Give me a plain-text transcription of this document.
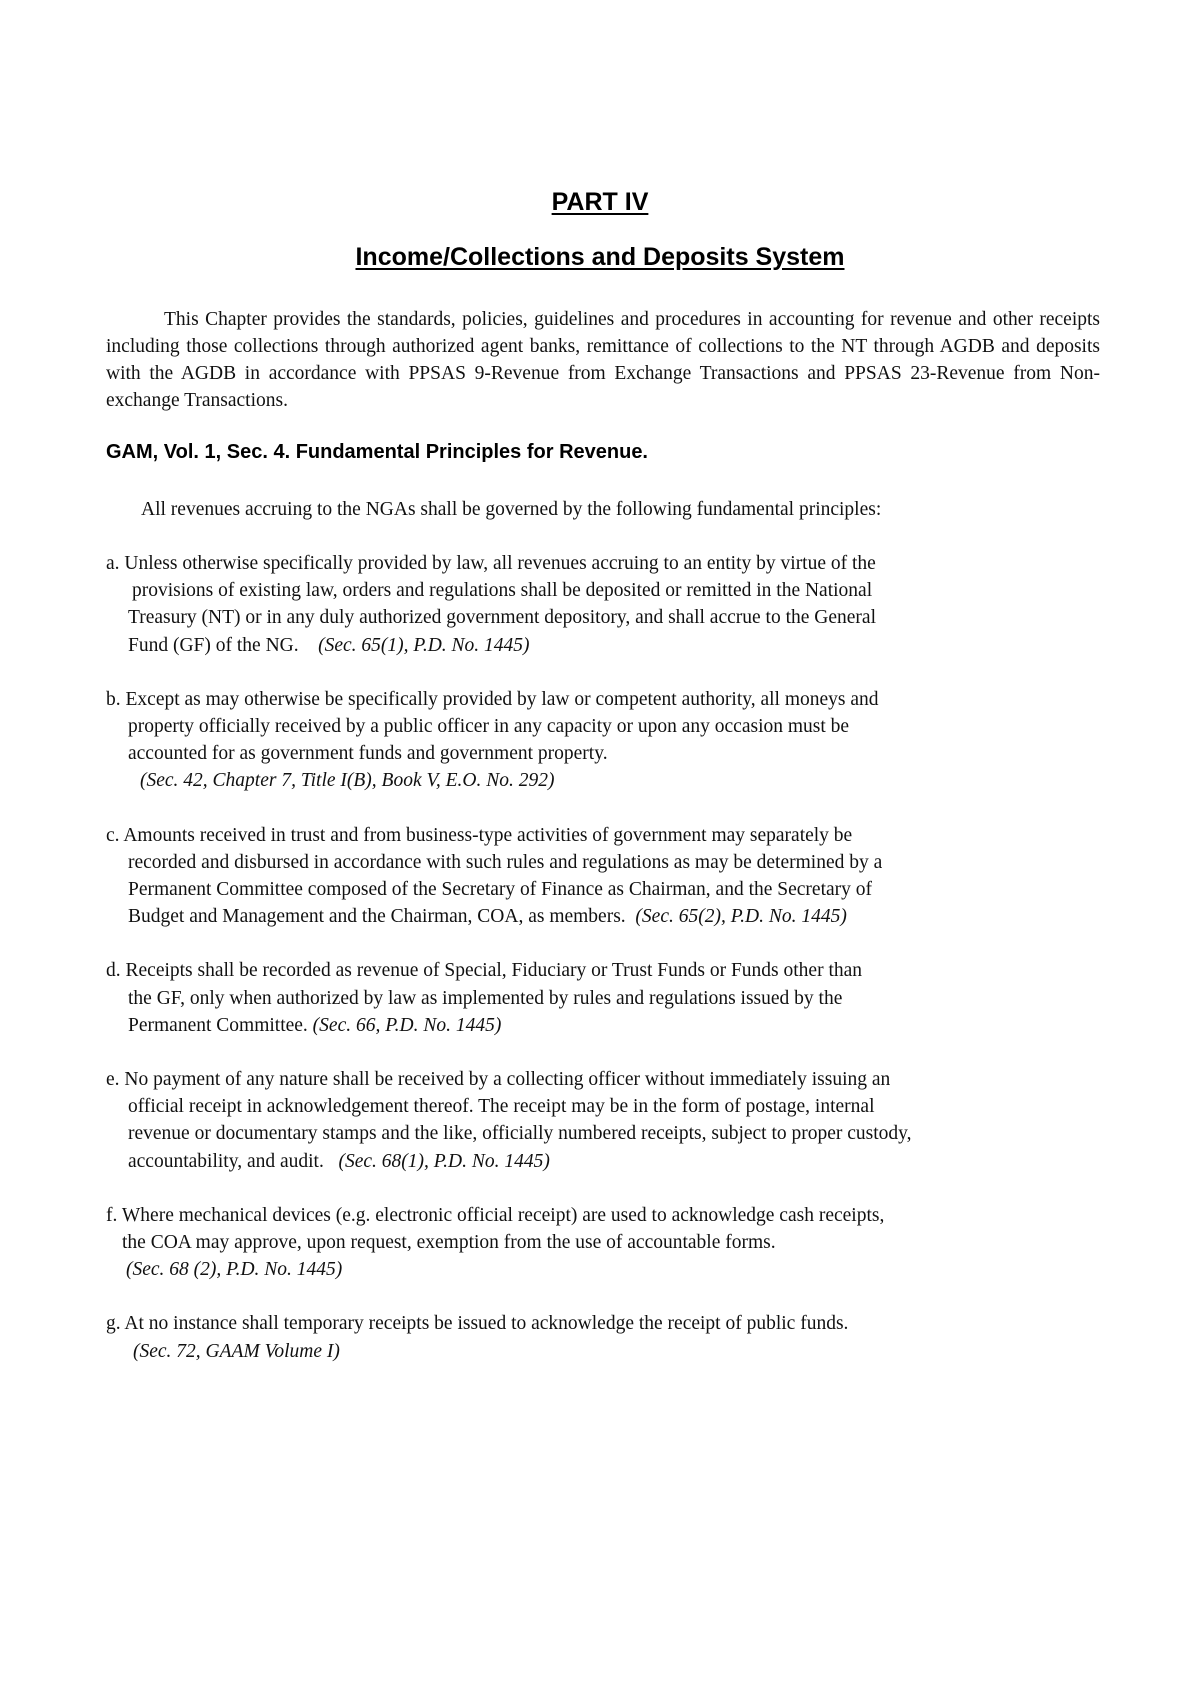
PART IV
Income/Collections and Deposits System

This Chapter provides the standards, policies, guidelines and procedures in accounting for revenue and other receipts including those collections through authorized agent banks, remittance of collections to the NT through AGDB and deposits with the AGDB in accordance with PPSAS 9-Revenue from Exchange Transactions and PPSAS 23-Revenue from Non-exchange Transactions.

GAM, Vol. 1, Sec. 4. Fundamental Principles for Revenue.

All revenues accruing to the NGAs shall be governed by the following fundamental principles:

a. Unless otherwise specifically provided by law, all revenues accruing to an entity by virtue of the
provisions of existing law, orders and regulations shall be deposited or remitted in the National
Treasury (NT) or in any duly authorized government depository, and shall accrue to the General
Fund (GF) of the NG.    (Sec. 65(1), P.D. No. 1445)
b. Except as may otherwise be specifically provided by law or competent authority, all moneys and
property officially received by a public officer in any capacity or upon any occasion must be
accounted for as government funds and government property.
(Sec. 42, Chapter 7, Title I(B), Book V, E.O. No. 292)
c. Amounts received in trust and from business-type activities of government may separately be
recorded and disbursed in accordance with such rules and regulations as may be determined by a
Permanent Committee composed of the Secretary of Finance as Chairman, and the Secretary of
Budget and Management and the Chairman, COA, as members.  (Sec. 65(2), P.D. No. 1445)
d. Receipts shall be recorded as revenue of Special, Fiduciary or Trust Funds or Funds other than
the GF, only when authorized by law as implemented by rules and regulations issued by the
Permanent Committee. (Sec. 66, P.D. No. 1445)
e. No payment of any nature shall be received by a collecting officer without immediately issuing an
official receipt in acknowledgement thereof. The receipt may be in the form of postage, internal
revenue or documentary stamps and the like, officially numbered receipts, subject to proper custody,
accountability, and audit.   (Sec. 68(1), P.D. No. 1445)
f. Where mechanical devices (e.g. electronic official receipt) are used to acknowledge cash receipts,
the COA may approve, upon request, exemption from the use of accountable forms.
(Sec. 68 (2), P.D. No. 1445)
g. At no instance shall temporary receipts be issued to acknowledge the receipt of public funds.
(Sec. 72, GAAM Volume I)
